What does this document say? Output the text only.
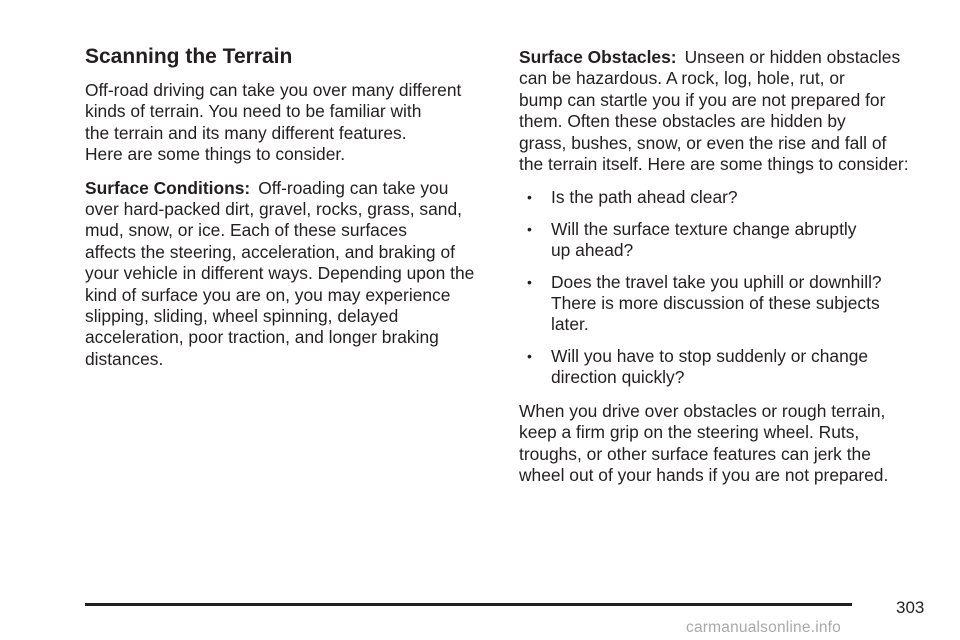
Scanning the Terrain

Off-road driving can take you over many different
kinds of terrain. You need to be familiar with
the terrain and its many different features.
Here are some things to consider.

Surface Conditions: Off-roading can take you
over hard-packed dirt, gravel, rocks, grass, sand,
mud, snow, or ice. Each of these surfaces
affects the steering, acceleration, and braking of
your vehicle in different ways. Depending upon the
kind of surface you are on, you may experience
slipping, sliding, wheel spinning, delayed
acceleration, poor traction, and longer braking
distances.

Surface Obstacles: Unseen or hidden obstacles
can be hazardous. A rock, log, hole, rut, or
bump can startle you if you are not prepared for
them. Often these obstacles are hidden by
grass, bushes, snow, or even the rise and fall of
the terrain itself. Here are some things to consider:

• Is the path ahead clear?
• Will the surface texture change abruptly
up ahead?
• Does the travel take you uphill or downhill?
There is more discussion of these subjects
later.
• Will you have to stop suddenly or change
direction quickly?

When you drive over obstacles or rough terrain,
keep a firm grip on the steering wheel. Ruts,
troughs, or other surface features can jerk the
wheel out of your hands if you are not prepared.

303
carmanualsonline.info
